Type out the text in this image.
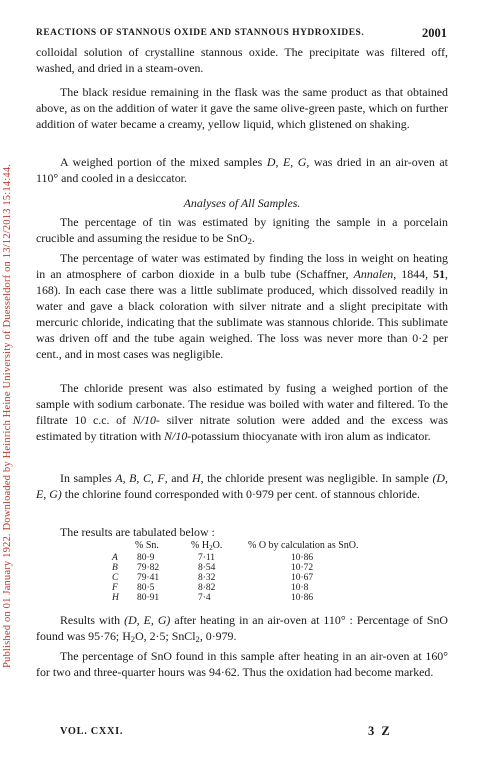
Published on 01 January 1922. Downloaded by Heinrich Heine University of Duesseldorf on 13/12/2013 15:14:44.
REACTIONS OF STANNOUS OXIDE AND STANNOUS HYDROXIDES.	2001
colloidal solution of crystalline stannous oxide. The precipitate was filtered off, washed, and dried in a steam-oven.
The black residue remaining in the flask was the same product as that obtained above, as on the addition of water it gave the same olive-green paste, which on further addition of water became a creamy, yellow liquid, which glistened on shaking.
A weighed portion of the mixed samples D, E, G, was dried in an air-oven at 110° and cooled in a desiccator.
Analyses of All Samples.
The percentage of tin was estimated by igniting the sample in a porcelain crucible and assuming the residue to be SnO$_2$.
The percentage of water was estimated by finding the loss in weight on heating in an atmosphere of carbon dioxide in a bulb tube (Schaffner, Annalen, 1844, 51, 168). In each case there was a little sublimate produced, which dissolved readily in water and gave a black coloration with silver nitrate and a slight precipitate with mercuric chloride, indicating that the sublimate was stannous chloride. This sublimate was driven off and the tube again weighed. The loss was never more than 0·2 per cent., and in most cases was negligible.
The chloride present was also estimated by fusing a weighed portion of the sample with sodium carbonate. The residue was boiled with water and filtered. To the filtrate 10 c.c. of N/10- silver nitrate solution were added and the excess was estimated by titration with N/10-potassium thiocyanate with iron alum as indicator.
In samples A, B, C, F, and H, the chloride present was negligible. In sample (D, E, G) the chlorine found corresponded with 0·979 per cent. of stannous chloride.
The results are tabulated below :
A
B
C
F
H
% Sn.
80·9
79·82
79·41
80·5
80·91
% $H_2O$.
7·11
8·54
8·32
8·82
7·4
% O by calculation as SnO.
10·86
10·72
10·67
10·8
10·86
Results with (D, E, G) after heating in an air-oven at 110° : Percentage of SnO found was 95·76; $H_2O$, 2·5; SnCl$_2$, 0·979.
The percentage of SnO found in this sample after heating in an air-oven at 160° for two and three-quarter hours was 94·62. Thus the oxidation had become marked.
VOL. CXXI.	3 Z
